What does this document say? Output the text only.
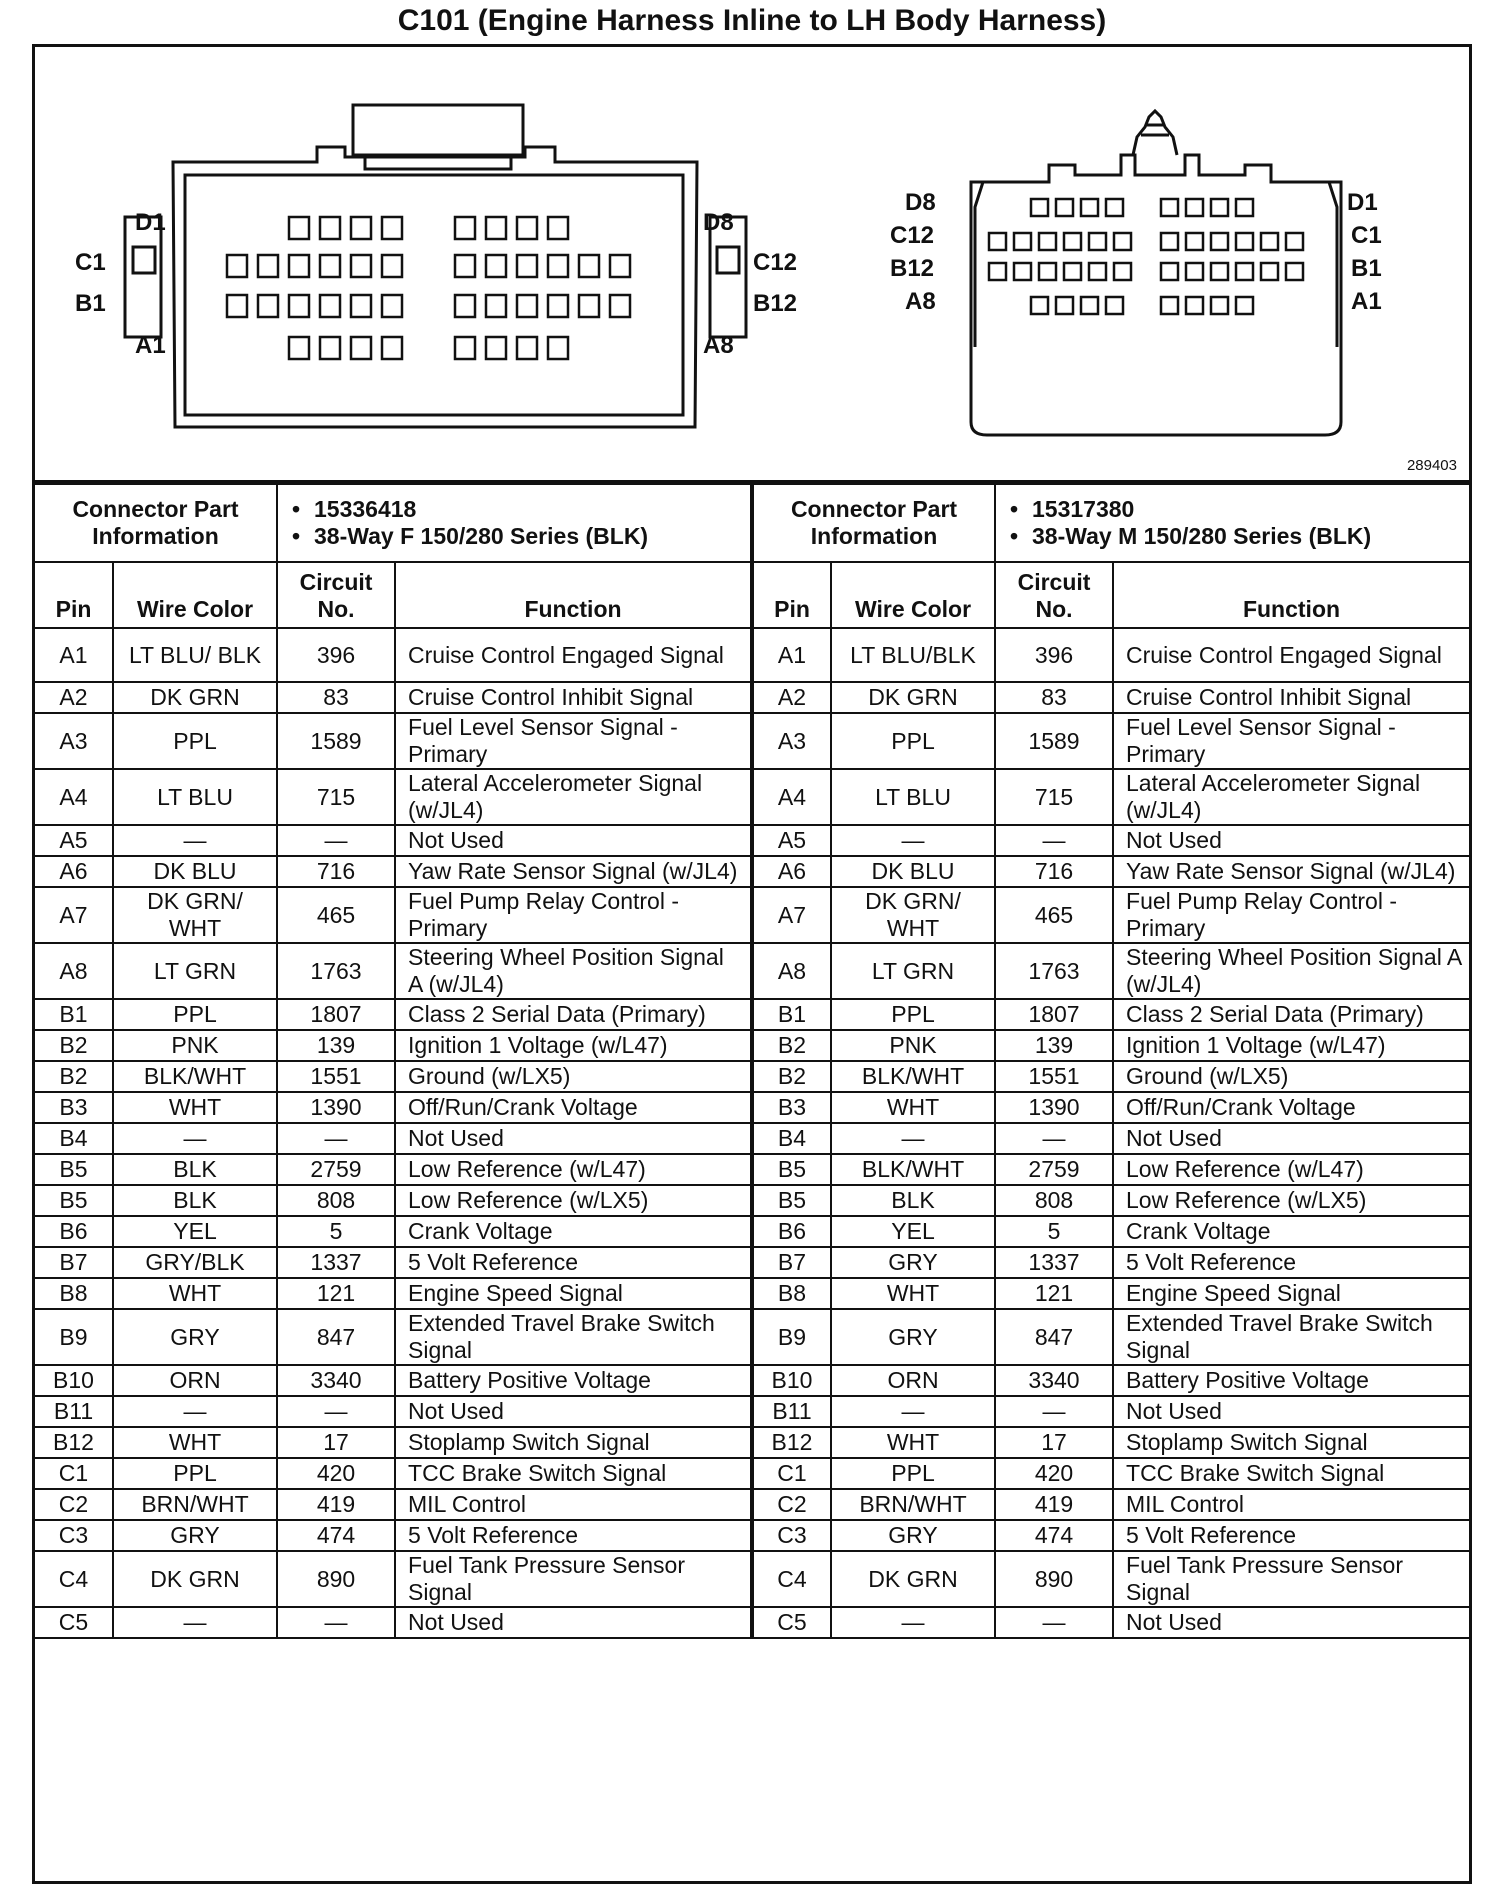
C101 (Engine Harness Inline to LH Body Harness)
D1
C1
B1
A1
D8
C12
B12
A8
D8
C12
B12
A8
D1
C1
B1
A1
289403
Connector Part Information		• 15336418
• 38-Way F 150/280 Series (BLK)

Pin	Wire Color	Circuit No.	Function
A1	LT BLU/ BLK	396	Cruise Control Engaged Signal
A2	DK GRN	83	Cruise Control Inhibit Signal
A3	PPL	1589	Fuel Level Sensor Signal - Primary
A4	LT BLU	715	Lateral Accelerometer Signal (w/JL4)
A5	—	—	Not Used
A6	DK BLU	716	Yaw Rate Sensor Signal (w/JL4)
A7	DK GRN/ WHT	465	Fuel Pump Relay Control - Primary
A8	LT GRN	1763	Steering Wheel Position Signal A (w/JL4)
B1	PPL	1807	Class 2 Serial Data (Primary)
B2	PNK	139	Ignition 1 Voltage (w/L47)
B2	BLK/WHT	1551	Ground (w/LX5)
B3	WHT	1390	Off/Run/Crank Voltage
B4	—	—	Not Used
B5	BLK	2759	Low Reference (w/L47)
B5	BLK	808	Low Reference (w/LX5)
B6	YEL	5	Crank Voltage
B7	GRY/BLK	1337	5 Volt Reference
B8	WHT	121	Engine Speed Signal
B9	GRY	847	Extended Travel Brake Switch Signal
B10	ORN	3340	Battery Positive Voltage
B11	—	—	Not Used
B12	WHT	17	Stoplamp Switch Signal
C1	PPL	420	TCC Brake Switch Signal
C2	BRN/WHT	419	MIL Control
C3	GRY	474	5 Volt Reference
C4	DK GRN	890	Fuel Tank Pressure Sensor Signal
C5	—	—	Not Used
Connector Part Information		• 15317380
• 38-Way M 150/280 Series (BLK)

Pin	Wire Color	Circuit No.	Function
A1	LT BLU/BLK	396	Cruise Control Engaged Signal
A2	DK GRN	83	Cruise Control Inhibit Signal
A3	PPL	1589	Fuel Level Sensor Signal - Primary
A4	LT BLU	715	Lateral Accelerometer Signal (w/JL4)
A5	—	—	Not Used
A6	DK BLU	716	Yaw Rate Sensor Signal (w/JL4)
A7	DK GRN/ WHT	465	Fuel Pump Relay Control - Primary
A8	LT GRN	1763	Steering Wheel Position Signal A (w/JL4)
B1	PPL	1807	Class 2 Serial Data (Primary)
B2	PNK	139	Ignition 1 Voltage (w/L47)
B2	BLK/WHT	1551	Ground (w/LX5)
B3	WHT	1390	Off/Run/Crank Voltage
B4	—	—	Not Used
B5	BLK/WHT	2759	Low Reference (w/L47)
B5	BLK	808	Low Reference (w/LX5)
B6	YEL	5	Crank Voltage
B7	GRY	1337	5 Volt Reference
B8	WHT	121	Engine Speed Signal
B9	GRY	847	Extended Travel Brake Switch Signal
B10	ORN	3340	Battery Positive Voltage
B11	—	—	Not Used
B12	WHT	17	Stoplamp Switch Signal
C1	PPL	420	TCC Brake Switch Signal
C2	BRN/WHT	419	MIL Control
C3	GRY	474	5 Volt Reference
C4	DK GRN	890	Fuel Tank Pressure Sensor Signal
C5	—	—	Not Used
